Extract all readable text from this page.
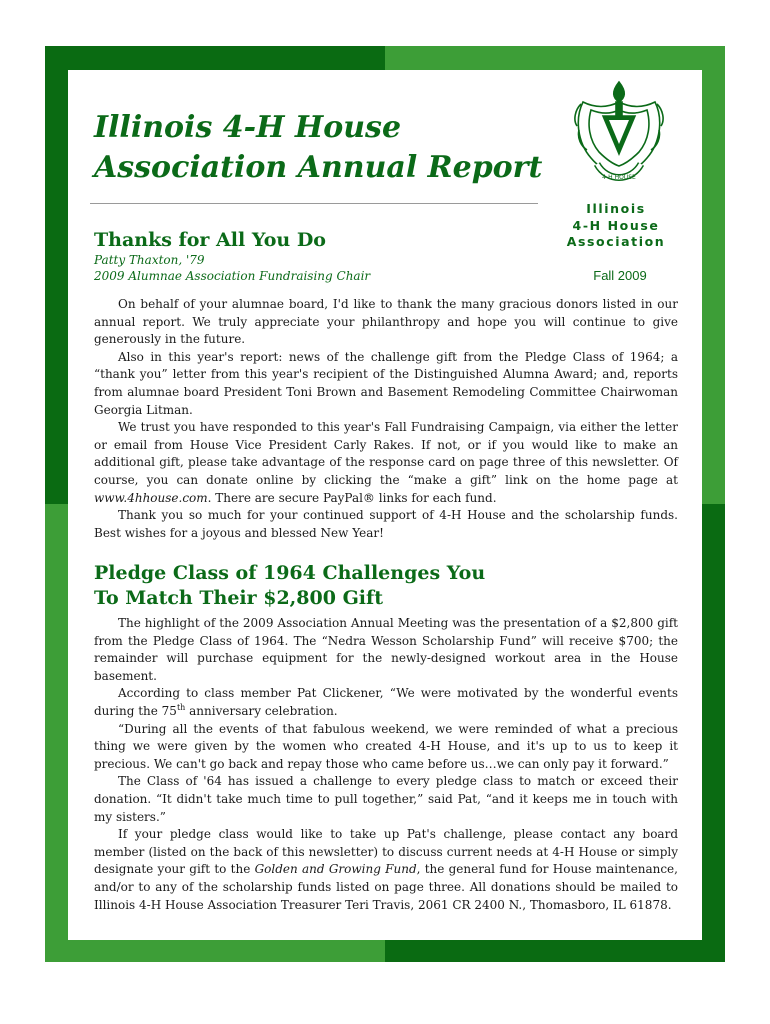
Illinois 4-H House
Association Annual Report	4-H HOUSE
Illinois
4-H House
Association
Fall 2009
Thanks for All You Do
Patty Thaxton, '79
2009 Alumnae Association Fundraising Chair

On behalf of your alumnae board, I'd like to thank the many gracious donors listed in our annual report. We truly appreciate your philanthropy and hope you will continue to give generously in the future.

Also in this year's report: news of the challenge gift from the Pledge Class of 1964; a “thank you” letter from this year's recipient of the Distinguished Alumna Award; and, reports from alumnae board President Toni Brown and Basement Remodeling Committee Chairwoman Georgia Litman.

We trust you have responded to this year's Fall Fundraising Campaign, via either the letter or email from House Vice President Carly Rakes. If not, or if you would like to make an additional gift, please take advantage of the response card on page three of this newsletter. Of course, you can donate online by clicking the “make a gift” link on the home page at www.4hhouse.com. There are secure PayPal® links for each fund.

Thank you so much for your continued support of 4-H House and the scholarship funds. Best wishes for a joyous and blessed New Year!

Pledge Class of 1964 Challenges You
To Match Their $2,800 Gift

The highlight of the 2009 Association Annual Meeting was the presentation of a $2,800 gift from the Pledge Class of 1964. The “Nedra Wesson Scholarship Fund” will receive $700; the remainder will purchase equipment for the newly-designed workout area in the House basement.

According to class member Pat Clickener, “We were motivated by the wonderful events during the 75th anniversary celebration.

“During all the events of that fabulous weekend, we were reminded of what a precious thing we were given by the women who created 4-H House, and it's up to us to keep it precious. We can't go back and repay those who came before us…we can only pay it forward.”

The Class of '64 has issued a challenge to every pledge class to match or exceed their donation. “It didn't take much time to pull together,” said Pat, “and it keeps me in touch with my sisters.”

If your pledge class would like to take up Pat's challenge, please contact any board member (listed on the back of this newsletter) to discuss current needs at 4-H House or simply designate your gift to the Golden and Growing Fund, the general fund for House maintenance, and/or to any of the scholarship funds listed on page three. All donations should be mailed to Illinois 4-H House Association Treasurer Teri Travis, 2061 CR 2400 N., Thomasboro, IL 61878.
